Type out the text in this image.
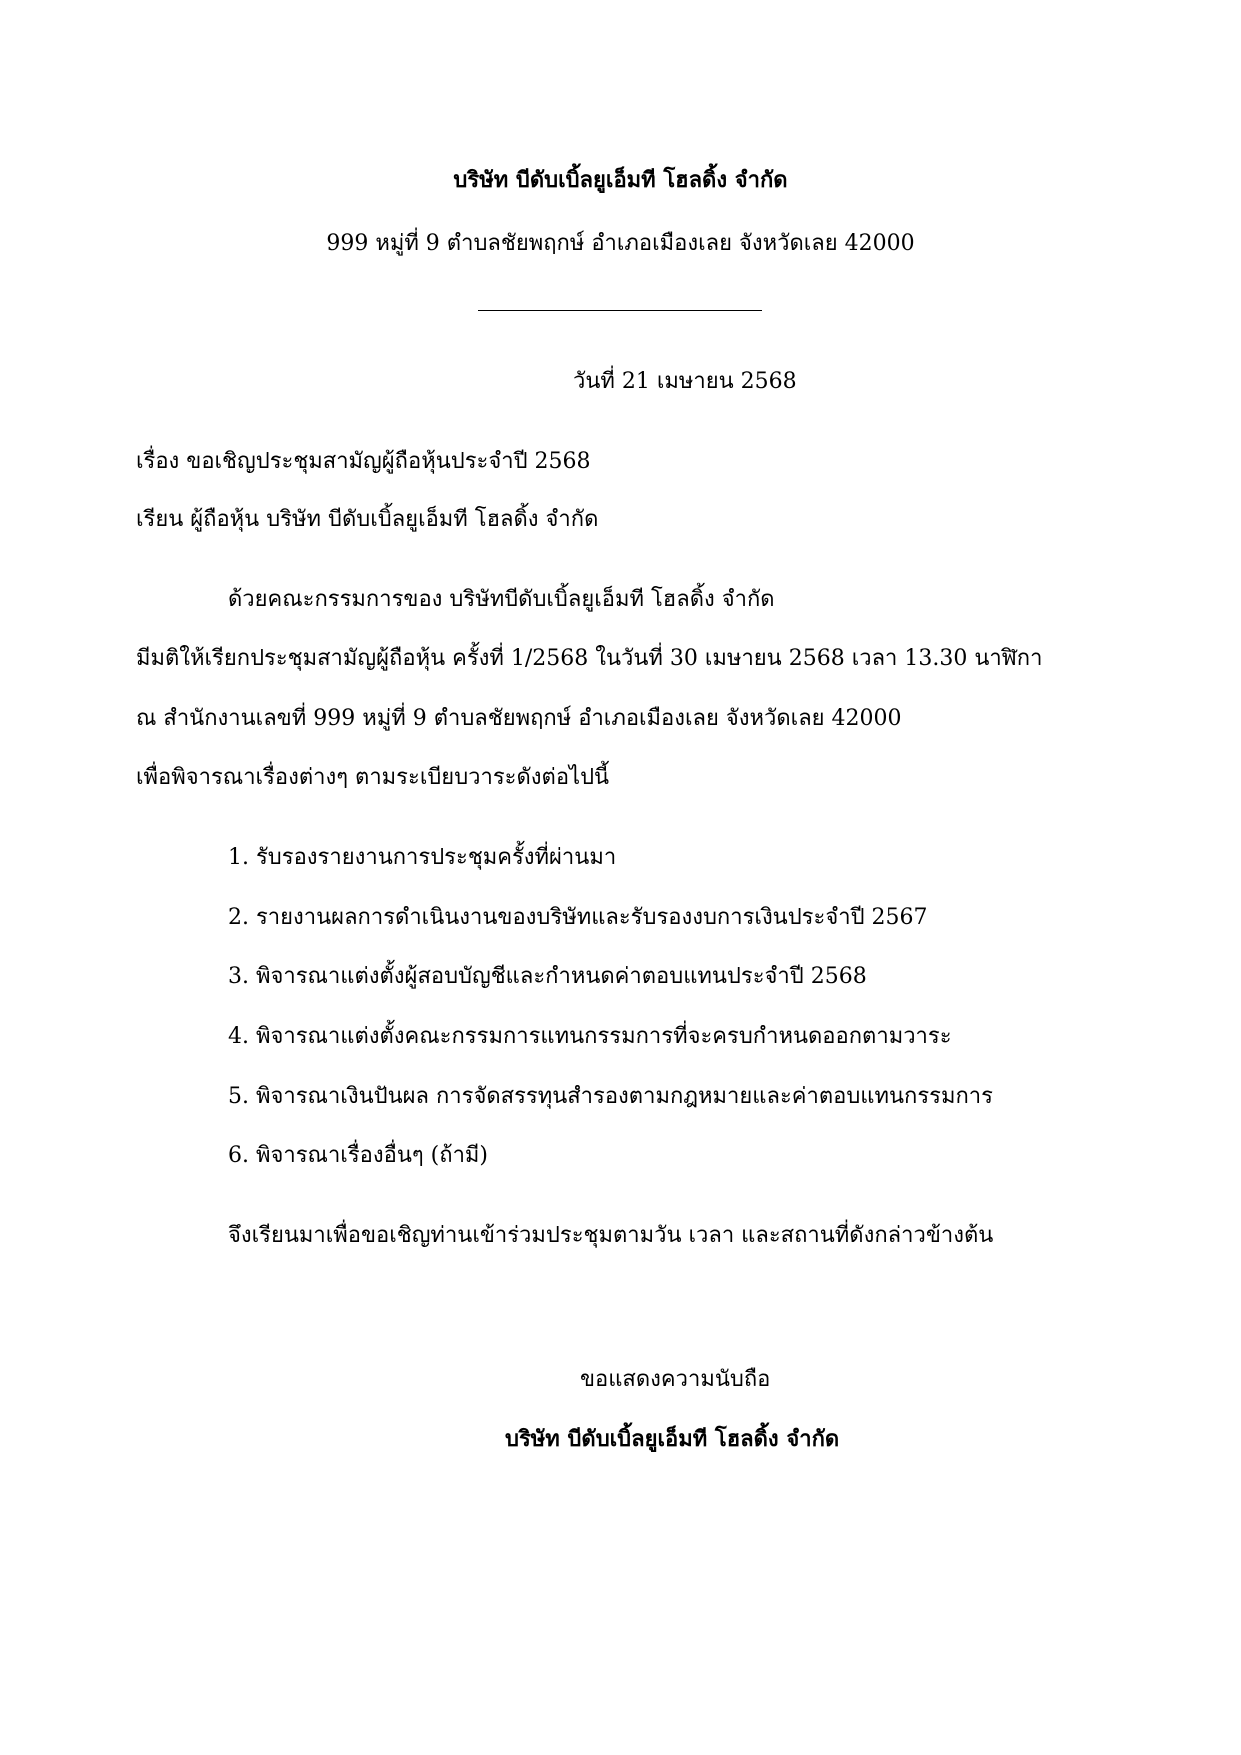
บริษัท บีดับเบิ้ลยูเอ็มที โฮลดิ้ง จำกัด
999 หมู่ที่ 9 ตำบลชัยพฤกษ์ อำเภอเมืองเลย จังหวัดเลย 42000
วันที่ 21 เมษายน 2568
เรื่อง ขอเชิญประชุมสามัญผู้ถือหุ้นประจำปี 2568
เรียน ผู้ถือหุ้น บริษัท บีดับเบิ้ลยูเอ็มที โฮลดิ้ง จำกัด
ด้วยคณะกรรมการของ บริษัทบีดับเบิ้ลยูเอ็มที โฮลดิ้ง จำกัด
มีมติให้เรียกประชุมสามัญผู้ถือหุ้น ครั้งที่ 1/2568 ในวันที่ 30 เมษายน 2568 เวลา 13.30 นาฬิกา
ณ สำนักงานเลขที่ 999 หมู่ที่ 9 ตำบลชัยพฤกษ์ อำเภอเมืองเลย จังหวัดเลย 42000
เพื่อพิจารณาเรื่องต่างๆ ตามระเบียบวาระดังต่อไปนี้
1. รับรองรายงานการประชุมครั้งที่ผ่านมา
2. รายงานผลการดำเนินงานของบริษัทและรับรองงบการเงินประจำปี 2567
3. พิจารณาแต่งตั้งผู้สอบบัญชีและกำหนดค่าตอบแทนประจำปี 2568
4. พิจารณาแต่งตั้งคณะกรรมการแทนกรรมการที่จะครบกำหนดออกตามวาระ
5. พิจารณาเงินปันผล การจัดสรรทุนสำรองตามกฎหมายและค่าตอบแทนกรรมการ
6. พิจารณาเรื่องอื่นๆ (ถ้ามี)
จึงเรียนมาเพื่อขอเชิญท่านเข้าร่วมประชุมตามวัน เวลา และสถานที่ดังกล่าวข้างต้น
ขอแสดงความนับถือ
บริษัท บีดับเบิ้ลยูเอ็มที โฮลดิ้ง จำกัด
